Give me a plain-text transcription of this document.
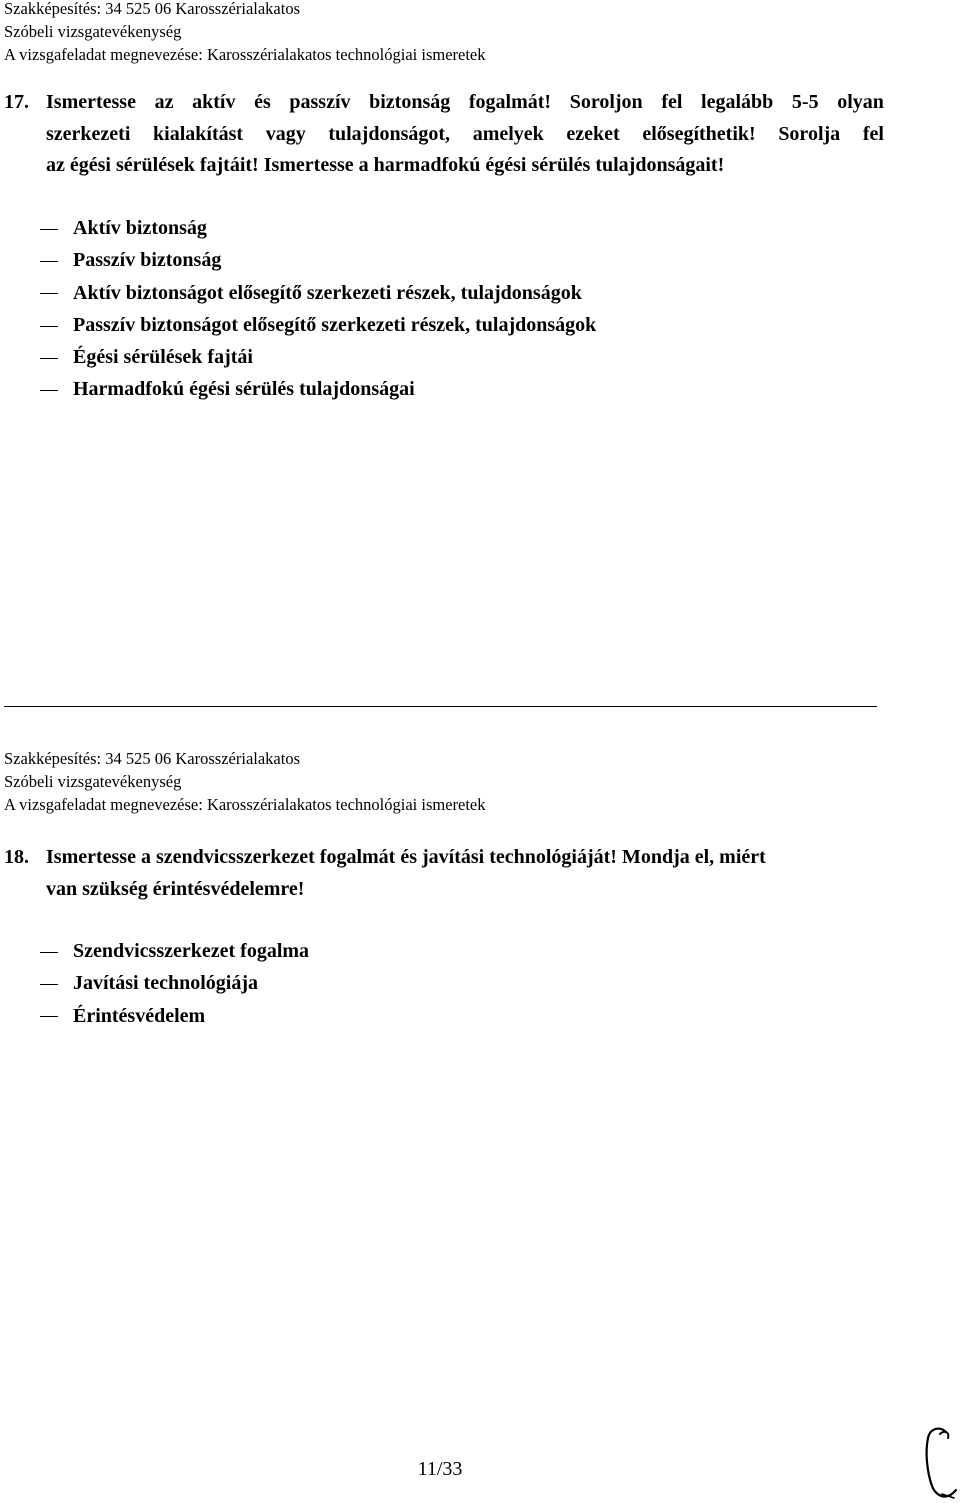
Szakképesítés: 34 525 06 Karosszérialakatos
Szóbeli vizsgatevékenység
A vizsgafeladat megnevezése: Karosszérialakatos technológiai ismeretek
17. Ismertesse az aktív és passzív biztonság fogalmát! Soroljon fel legalább 5-5 olyan
szerkezeti kialakítást vagy tulajdonságot, amelyek ezeket elősegíthetik! Sorolja fel
az égési sérülések fajtáit! Ismertesse a harmadfokú égési sérülés tulajdonságait!
Aktív biztonság
Passzív biztonság
Aktív biztonságot elősegítő szerkezeti részek, tulajdonságok
Passzív biztonságot elősegítő szerkezeti részek, tulajdonságok
Égési sérülések fajtái
Harmadfokú égési sérülés tulajdonságai
Szakképesítés: 34 525 06 Karosszérialakatos
Szóbeli vizsgatevékenység
A vizsgafeladat megnevezése: Karosszérialakatos technológiai ismeretek
18. Ismertesse a szendvicsszerkezet fogalmát és javítási technológiáját! Mondja el, miért
van szükség érintésvédelemre!
Szendvicsszerkezet fogalma
Javítási technológiája
Érintésvédelem
11/33
